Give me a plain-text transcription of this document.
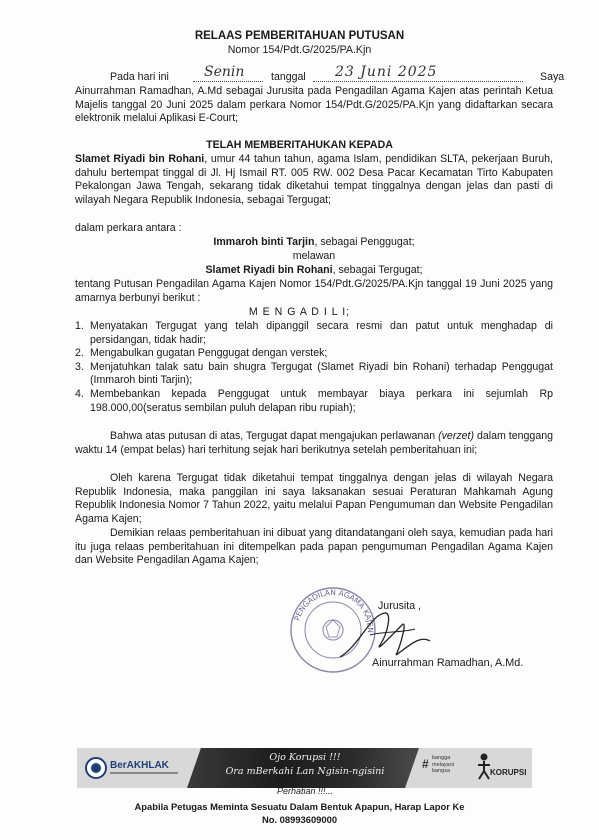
RELAAS PEMBERITAHUAN PUTUSAN
Nomor 154/Pdt.G/2025/PA.Kjn
Pada hari ini	Senin	tanggal 23 Juni 2025	Saya
Ainurrahman Ramadhan, A.Md sebagai Jurusita pada Pengadilan Agama Kajen atas perintah Ketua Majelis tanggal 20 Juni 2025 dalam perkara Nomor 154/Pdt.G/2025/PA.Kjn yang didaftarkan secara elektronik melalui Aplikasi E-Court;
TELAH MEMBERITAHUKAN KEPADA
Slamet Riyadi bin Rohani, umur 44 tahun tahun, agama Islam, pendidikan SLTA, pekerjaan Buruh, dahulu bertempat tinggal di Jl. Hj Ismail RT. 005 RW. 002 Desa Pacar Kecamatan Tirto Kabupaten Pekalongan Jawa Tengah, sekarang tidak diketahui tempat tinggalnya dengan jelas dan pasti di wilayah Negara Republik Indonesia, sebagai Tergugat;
dalam perkara antara :
Immaroh binti Tarjin, sebagai Penggugat;
melawan
Slamet Riyadi bin Rohani, sebagai Tergugat;
tentang Putusan Pengadilan Agama Kajen Nomor 154/Pdt.G/2025/PA.Kjn tanggal 19 Juni 2025 yang amarnya berbunyi berikut :
M E N G A D I L I;
1. Menyatakan Tergugat yang telah dipanggil secara resmi dan patut untuk menghadap di persidangan, tidak hadir;
2. Mengabulkan gugatan Penggugat dengan verstek;
3. Menjatuhkan talak satu bain shugra Tergugat (Slamet Riyadi bin Rohani) terhadap Penggugat (Immaroh binti Tarjin);
4. Membebankan kepada Penggugat untuk membayar biaya perkara ini sejumlah Rp 198.000,00(seratus sembilan puluh delapan ribu rupiah);
Bahwa atas putusan di atas, Tergugat dapat mengajukan perlawanan (verzet) dalam tenggang waktu 14 (empat belas) hari terhitung sejak hari berikutnya setelah pemberitahuan ini;
Oleh karena Tergugat tidak diketahui tempat tinggalnya dengan jelas di wilayah Negara Republik Indonesia, maka panggilan ini saya laksanakan sesuai Peraturan Mahkamah Agung Republik Indonesia Nomor 7 Tahun 2022, yaitu melalui Papan Pengumuman dan Website Pengadilan Agama Kajen;
Demikian relaas pemberitahuan ini dibuat yang ditandatangani oleh saya, kemudian pada hari itu juga relaas pemberitahuan ini ditempelkan pada papan pengumuman Pengadilan Agama Kajen dan Website Pengadilan Agama Kajen;
Jurusita ,
PENGADILAN AGAMA KAJEN
Ainurrahman Ramadhan, A.Md.
BerAKHLAK
Ojo Korupsi !!!
Ora mBerkahi Lan Ngisin-ngisini
# bangga melayani bangsa	KORUPSI
Perhatian !!!...
Apabila Petugas Meminta Sesuatu Dalam Bentuk Apapun, Harap Lapor Ke
No. 08993609000
